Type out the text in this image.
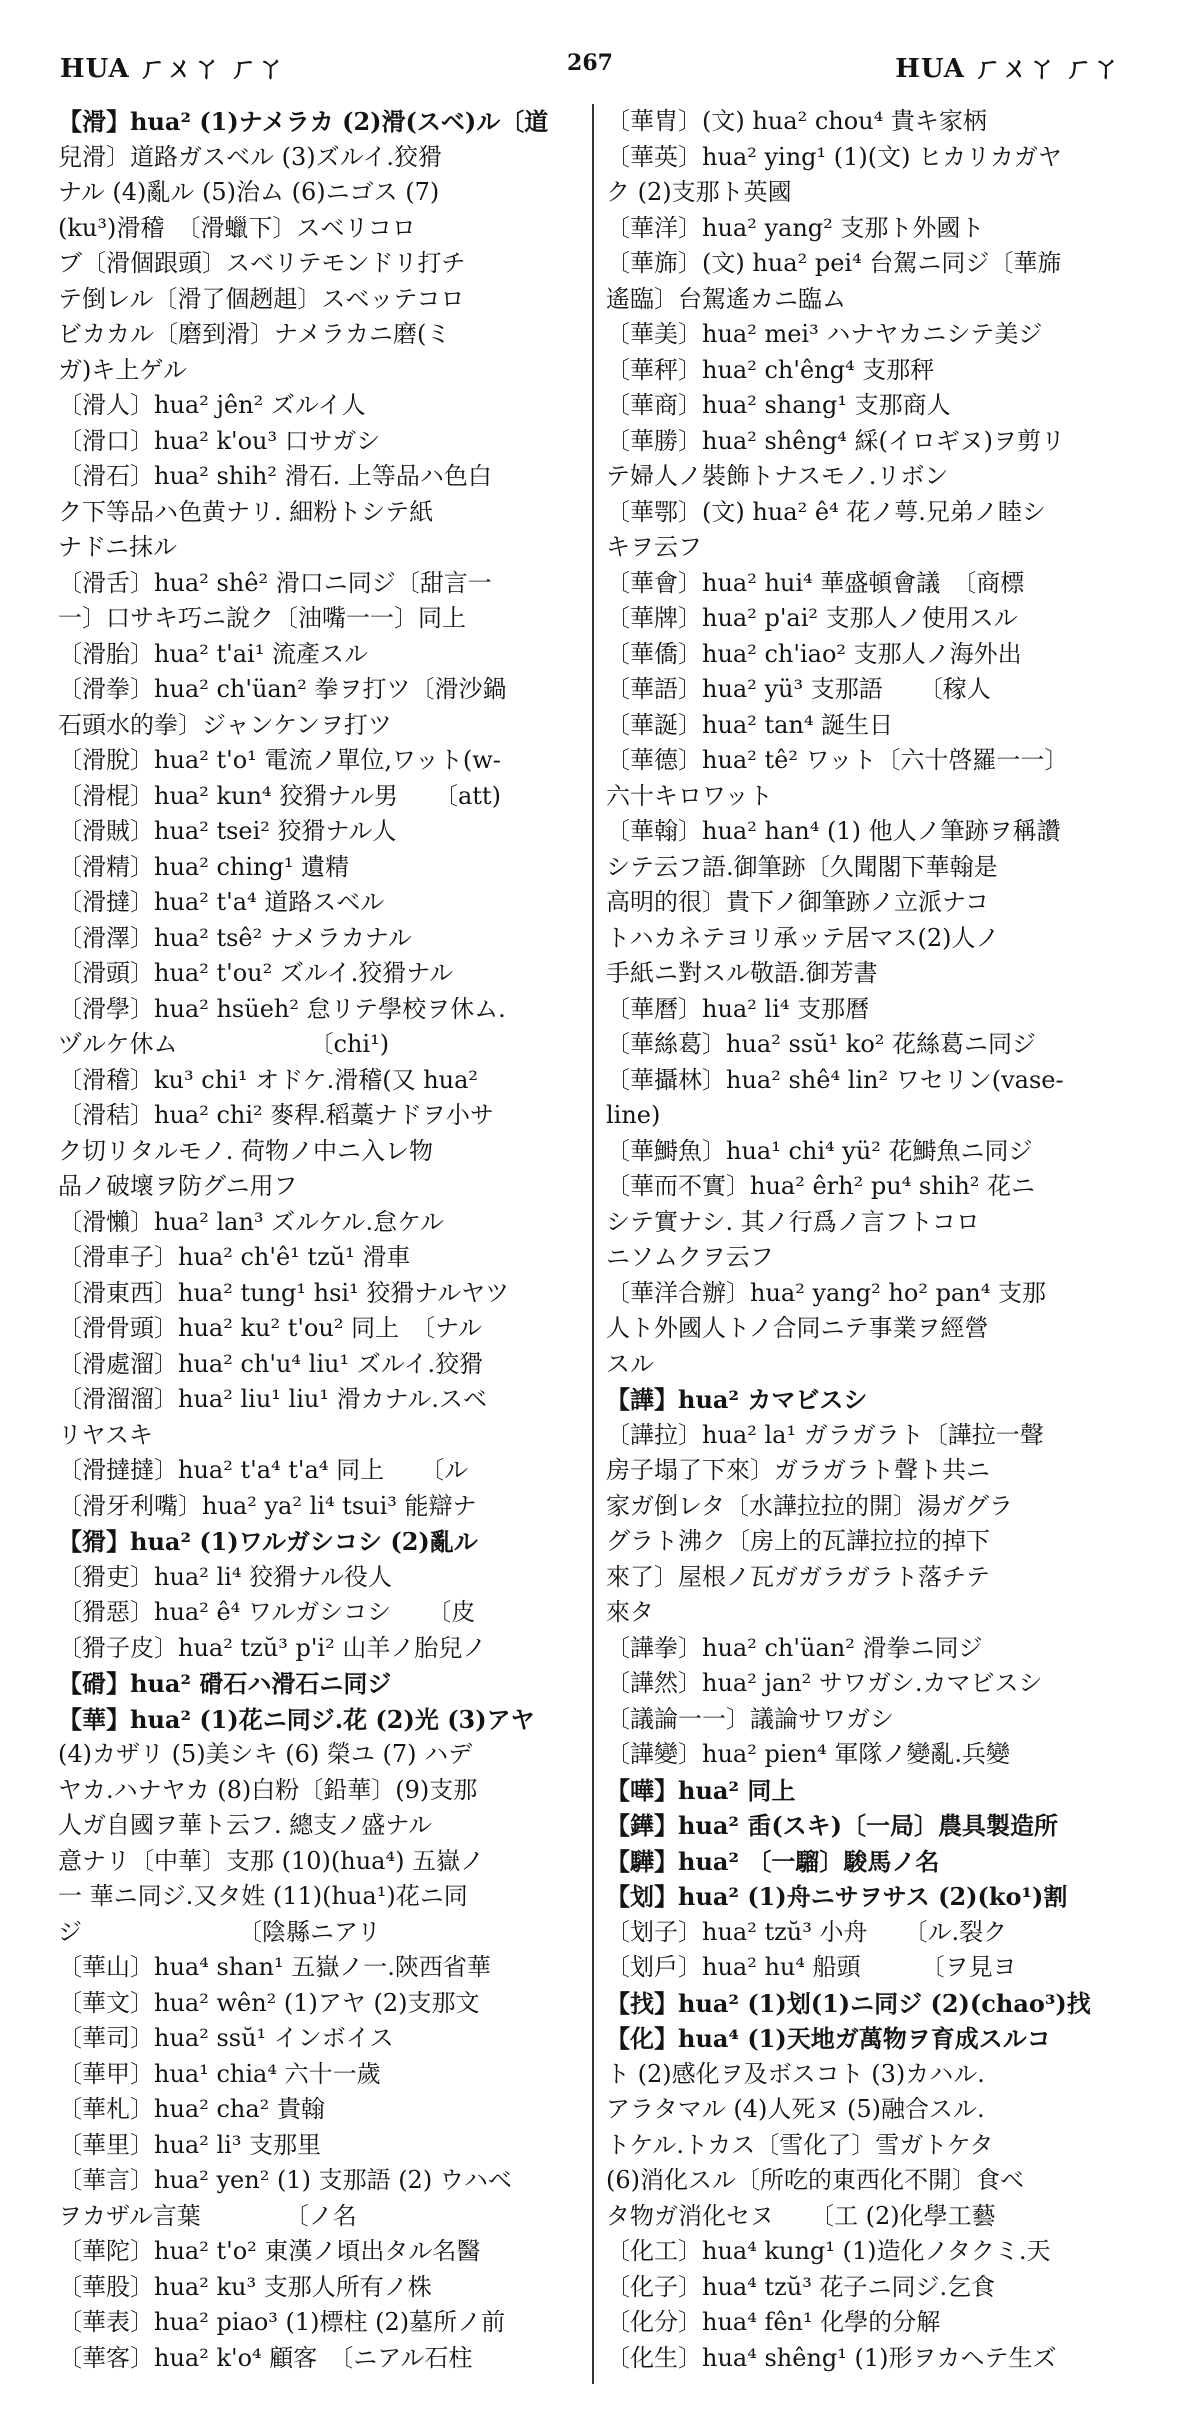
HUA ㄏㄨㄚ ㄏㄚ	267	HUA ㄏㄨㄚ ㄏㄚ
【滑】hua² (1)ナメラカ (2)滑(スベ)ル〔道
兒滑〕道路ガスベル (3)ズルイ.狡猾
ナル (4)亂ル (5)治ム (6)ニゴス (7)
(ku³)滑稽　〔滑蠟下〕スベリコロ
ブ〔滑個跟頭〕スベリテモンドリ打チ
テ倒レル〔滑了個趔趄〕スベッテコロ
ビカカル〔磨到滑〕ナメラカニ磨(ミ
ガ)キ上ゲル
〔滑人〕hua² jên² ズルイ人
〔滑口〕hua² k'ou³ 口サガシ
〔滑石〕hua² shih² 滑石. 上等品ハ色白
ク下等品ハ色黄ナリ. 細粉トシテ紙
ナドニ抹ル
〔滑舌〕hua² shê² 滑口ニ同ジ〔甜言一
一〕口サキ巧ニ說ク〔油嘴一一〕同上
〔滑胎〕hua² t'ai¹ 流產スル
〔滑拳〕hua² ch'üan² 拳ヲ打ツ〔滑沙鍋
石頭水的拳〕ジャンケンヲ打ツ
〔滑脫〕hua² t'o¹ 電流ノ單位,ワット(w-
〔滑棍〕hua² kun⁴ 狡猾ナル男　　〔att)
〔滑賊〕hua² tsei² 狡猾ナル人
〔滑精〕hua² ching¹ 遺精
〔滑撻〕hua² t'a⁴ 道路スベル
〔滑澤〕hua² tsê² ナメラカナル
〔滑頭〕hua² t'ou² ズルイ.狡猾ナル
〔滑學〕hua² hsüeh² 怠リテ學校ヲ休ム.
ヅルケ休ム　　　　　　〔chi¹)
〔滑稽〕ku³ chi¹ オドケ.滑稽(又 hua²
〔滑秸〕hua² chi² 麥稈.稻藁ナドヲ小サ
ク切リタルモノ. 荷物ノ中ニ入レ物
品ノ破壞ヲ防グニ用フ
〔滑懶〕hua² lan³ ズルケル.怠ケル
〔滑車子〕hua² ch'ê¹ tzŭ¹ 滑車
〔滑東西〕hua² tung¹ hsi¹ 狡猾ナルヤツ
〔滑骨頭〕hua² ku² t'ou² 同上　〔ナル
〔滑處溜〕hua² ch'u⁴ liu¹ ズルイ.狡猾
〔滑溜溜〕hua² liu¹ liu¹ 滑カナル.スベ
リヤスキ
〔滑撻撻〕hua² t'a⁴ t'a⁴ 同上　　〔ル
〔滑牙利嘴〕hua² ya² li⁴ tsui³ 能辯ナ
【猾】hua² (1)ワルガシコシ (2)亂ル
〔猾吏〕hua² li⁴ 狡猾ナル役人
〔猾惡〕hua² ê⁴ ワルガシコシ　　〔皮
〔猾子皮〕hua² tzŭ³ p'i² 山羊ノ胎兒ノ
【磆】hua² 磆石ハ滑石ニ同ジ
【華】hua² (1)花ニ同ジ.花 (2)光 (3)アヤ
(4)カザリ (5)美シキ (6) 榮ユ (7) ハデ
ヤカ.ハナヤカ (8)白粉〔鉛華〕(9)支那
人ガ自國ヲ華ト云フ. 總支ノ盛ナル
意ナリ〔中華〕支那 (10)(hua⁴) 五嶽ノ
一 華ニ同ジ.又タ姓 (11)(hua¹)花ニ同
ジ　　　　　　　〔陰縣ニアリ
〔華山〕hua⁴ shan¹ 五嶽ノ一.陝西省華
〔華文〕hua² wên² (1)アヤ (2)支那文
〔華司〕hua² ssŭ¹ インボイス
〔華甲〕hua¹ chia⁴ 六十一歲
〔華札〕hua² cha² 貴翰
〔華里〕hua² li³ 支那里
〔華言〕hua² yen² (1) 支那語 (2) ウハベ
ヲカザル言葉　　　　〔ノ名
〔華陀〕hua² t'o² 東漢ノ頃出タル名醫
〔華股〕hua² ku³ 支那人所有ノ株
〔華表〕hua² piao³ (1)標柱 (2)墓所ノ前
〔華客〕hua² k'o⁴ 顧客　〔ニアル石柱
〔華胄〕(文) hua² chou⁴ 貴キ家柄
〔華英〕hua² ying¹ (1)(文) ヒカリカガヤ
ク (2)支那ト英國
〔華洋〕hua² yang² 支那ト外國ト
〔華旆〕(文) hua² pei⁴ 台駕ニ同ジ〔華旆
遙臨〕台駕遙カニ臨ム
〔華美〕hua² mei³ ハナヤカニシテ美ジ
〔華秤〕hua² ch'êng⁴ 支那秤
〔華商〕hua² shang¹ 支那商人
〔華勝〕hua² shêng⁴ 綵(イロギヌ)ヲ剪リ
テ婦人ノ裝飾トナスモノ.リボン
〔華鄂〕(文) hua² ê⁴ 花ノ萼.兄弟ノ睦シ
キヲ云フ
〔華會〕hua² hui⁴ 華盛頓會議　〔商標
〔華牌〕hua² p'ai² 支那人ノ使用スル
〔華僑〕hua² ch'iao² 支那人ノ海外出
〔華語〕hua² yü³ 支那語　　〔稼人
〔華誕〕hua² tan⁴ 誕生日
〔華德〕hua² tê² ワット〔六十啓羅一一〕
六十キロワット
〔華翰〕hua² han⁴ (1) 他人ノ筆跡ヲ稱讚
シテ云フ語.御筆跡〔久聞閣下華翰是
高明的很〕貴下ノ御筆跡ノ立派ナコ
トハカネテヨリ承ッテ居マス(2)人ノ
手紙ニ對スル敬語.御芳書
〔華曆〕hua² li⁴ 支那曆
〔華絲葛〕hua² ssŭ¹ ko² 花絲葛ニ同ジ
〔華攝林〕hua² shê⁴ lin² ワセリン(vase-
line)
〔華鰣魚〕hua¹ chi⁴ yü² 花鰣魚ニ同ジ
〔華而不實〕hua² êrh² pu⁴ shih² 花ニ
シテ實ナシ. 其ノ行爲ノ言フトコロ
ニソムクヲ云フ
〔華洋合辦〕hua² yang² ho² pan⁴ 支那
人ト外國人トノ合同ニテ事業ヲ經營
スル
【譁】hua² カマビスシ
〔譁拉〕hua² la¹ ガラガラト〔譁拉一聲
房子塌了下來〕ガラガラト聲ト共ニ
家ガ倒レタ〔水譁拉拉的開〕湯ガグラ
グラト沸ク〔房上的瓦譁拉拉的掉下
來了〕屋根ノ瓦ガガラガラト落チテ
來タ
〔譁拳〕hua² ch'üan² 滑拳ニ同ジ
〔譁然〕hua² jan² サワガシ.カマビスシ
〔議論一一〕議論サワガシ
〔譁變〕hua² pien⁴ 軍隊ノ變亂.兵變
【嘩】hua² 同上
【鏵】hua² 臿(スキ)〔一局〕農具製造所
【驊】hua² 〔一騮〕駿馬ノ名
【划】hua² (1)舟ニサヲサス (2)(ko¹)割
〔划子〕hua² tzŭ³ 小舟　　〔ル.裂ク
〔划戶〕hua² hu⁴ 船頭　　　〔ヲ見ヨ
【找】hua² (1)划(1)ニ同ジ (2)(chao³)找
【化】hua⁴ (1)天地ガ萬物ヲ育成スルコ
ト (2)感化ヲ及ボスコト (3)カハル.
アラタマル (4)人死ヌ (5)融合スル.
トケル.トカス〔雪化了〕雪ガトケタ
(6)消化スル〔所吃的東西化不開〕食ベ
タ物ガ消化セヌ　　〔工 (2)化學工藝
〔化工〕hua⁴ kung¹ (1)造化ノタクミ.天
〔化子〕hua⁴ tzŭ³ 花子ニ同ジ.乞食
〔化分〕hua⁴ fên¹ 化學的分解
〔化生〕hua⁴ shêng¹ (1)形ヲカヘテ生ズ
